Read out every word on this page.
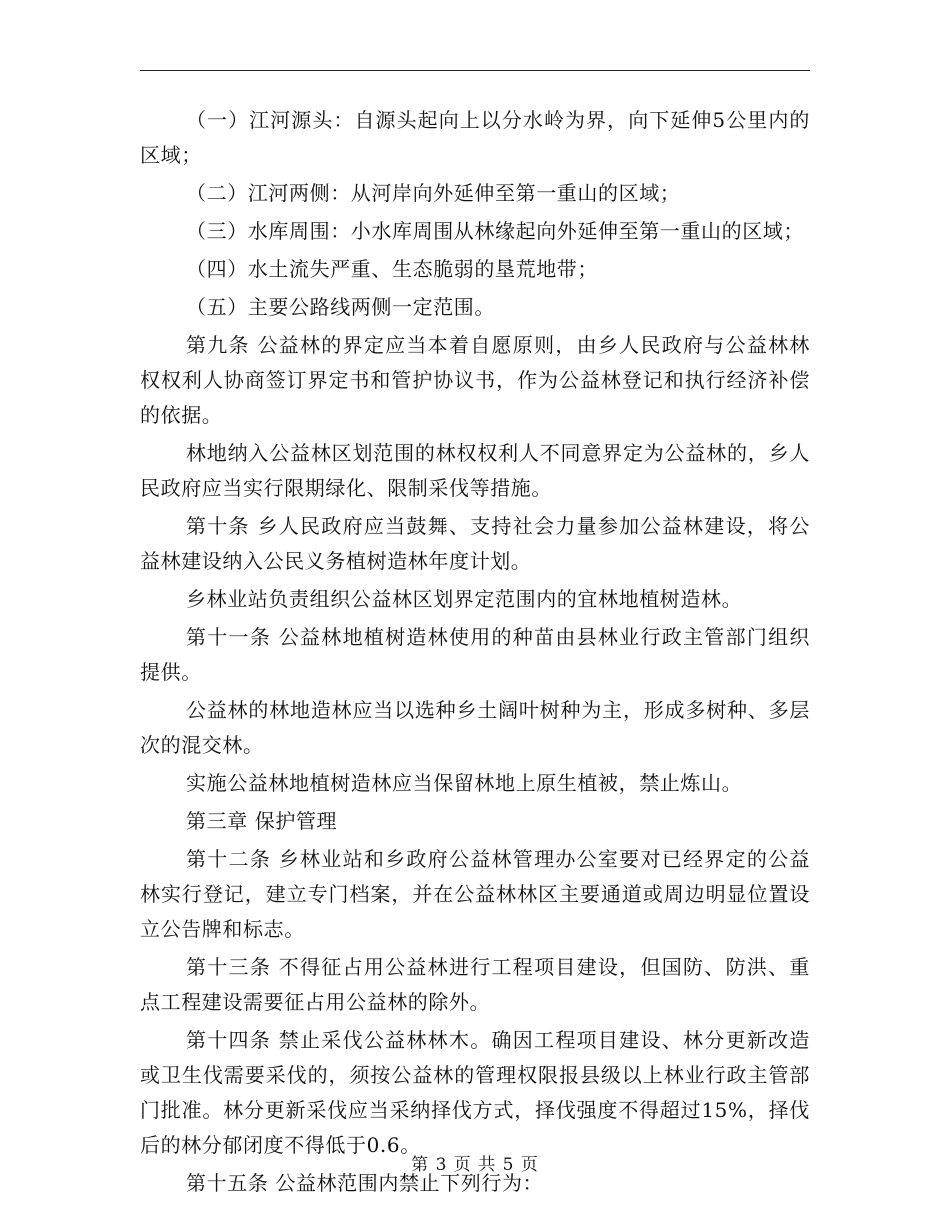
（一）江河源头：自源头起向上以分水岭为界，向下延伸5公里内的区域；

（二）江河两侧：从河岸向外延伸至第一重山的区域；

（三）水库周围：小水库周围从林缘起向外延伸至第一重山的区域；

（四）水土流失严重、生态脆弱的垦荒地带；

（五）主要公路线两侧一定范围。

第九条 公益林的界定应当本着自愿原则，由乡人民政府与公益林林权权利人协商签订界定书和管护协议书，作为公益林登记和执行经济补偿的依据。

林地纳入公益林区划范围的林权权利人不同意界定为公益林的，乡人民政府应当实行限期绿化、限制采伐等措施。

第十条 乡人民政府应当鼓舞、支持社会力量参加公益林建设，将公益林建设纳入公民义务植树造林年度计划。

乡林业站负责组织公益林区划界定范围内的宜林地植树造林。

第十一条 公益林地植树造林使用的种苗由县林业行政主管部门组织提供。

公益林的林地造林应当以选种乡土阔叶树种为主，形成多树种、多层次的混交林。

实施公益林地植树造林应当保留林地上原生植被，禁止炼山。

第三章 保护管理

第十二条 乡林业站和乡政府公益林管理办公室要对已经界定的公益林实行登记，建立专门档案，并在公益林林区主要通道或周边明显位置设立公告牌和标志。

第十三条 不得征占用公益林进行工程项目建设，但国防、防洪、重点工程建设需要征占用公益林的除外。

第十四条 禁止采伐公益林林木。确因工程项目建设、林分更新改造或卫生伐需要采伐的，须按公益林的管理权限报县级以上林业行政主管部门批准。林分更新采伐应当采纳择伐方式，择伐强度不得超过15%，择伐后的林分郁闭度不得低于0.6。

第十五条 公益林范围内禁止下列行为：

第 3 页 共 5 页
